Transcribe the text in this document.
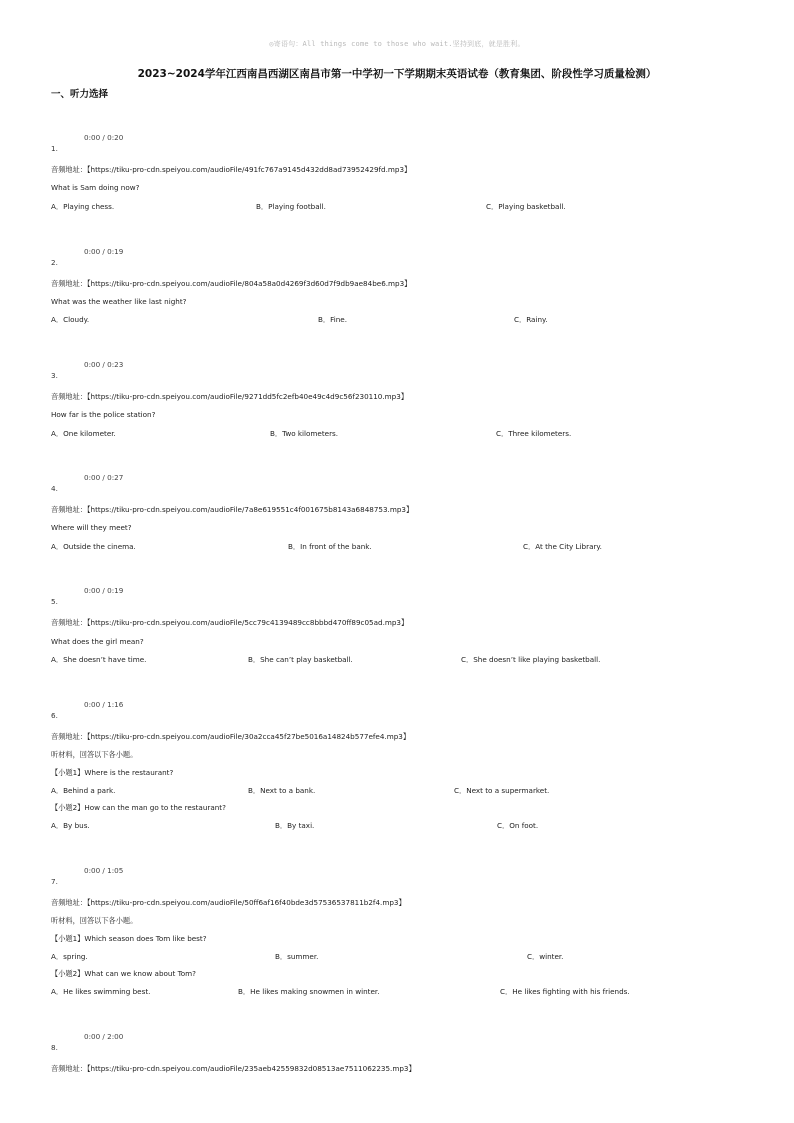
◎寄语句：All things come to those who wait.坚持到底，就是胜利。
2023~2024学年江西南昌西湖区南昌市第一中学初一下学期期末英语试卷（教育集团、阶段性学习质量检测）
一、听力选择
0:00 / 0:20
1.
音频地址：【https://tiku-pro-cdn.speiyou.com/audioFile/491fc767a9145d432dd8ad73952429fd.mp3】
What is Sam doing now?
A．Playing chess.	B．Playing football.	C．Playing basketball.
0:00 / 0:19
2.
音频地址：【https://tiku-pro-cdn.speiyou.com/audioFile/804a58a0d4269f3d60d7f9db9ae84be6.mp3】
What was the weather like last night?
A．Cloudy.	B．Fine.	C．Rainy.
0:00 / 0:23
3.
音频地址：【https://tiku-pro-cdn.speiyou.com/audioFile/9271dd5fc2efb40e49c4d9c56f230110.mp3】
How far is the police station?
A．One kilometer.	B．Two kilometers.	C．Three kilometers.
0:00 / 0:27
4.
音频地址：【https://tiku-pro-cdn.speiyou.com/audioFile/7a8e619551c4f001675b8143a6848753.mp3】
Where will they meet?
A．Outside the cinema.	B．In front of the bank.	C．At the City Library.
0:00 / 0:19
5.
音频地址：【https://tiku-pro-cdn.speiyou.com/audioFile/5cc79c4139489cc8bbbd470ff89c05ad.mp3】
What does the girl mean?
A．She doesn’t have time.	B．She can’t play basketball.	C．She doesn’t like playing basketball.
0:00 / 1:16
6.
音频地址：【https://tiku-pro-cdn.speiyou.com/audioFile/30a2cca45f27be5016a14824b577efe4.mp3】
听材料，回答以下各小题。
【小题1】Where is the restaurant?
A．Behind a park.	B．Next to a bank.	C．Next to a supermarket.
【小题2】How can the man go to the restaurant?
A．By bus.	B．By taxi.	C．On foot.
0:00 / 1:05
7.
音频地址：【https://tiku-pro-cdn.speiyou.com/audioFile/50ff6af16f40bde3d57536537811b2f4.mp3】
听材料，回答以下各小题。
【小题1】Which season does Tom like best?
A．spring.	B．summer.	C．winter.
【小题2】What can we know about Tom?
A．He likes swimming best.	B．He likes making snowmen in winter.	C．He likes fighting with his friends.
0:00 / 2:00
8.
音频地址：【https://tiku-pro-cdn.speiyou.com/audioFile/235aeb42559832d08513ae7511062235.mp3】
